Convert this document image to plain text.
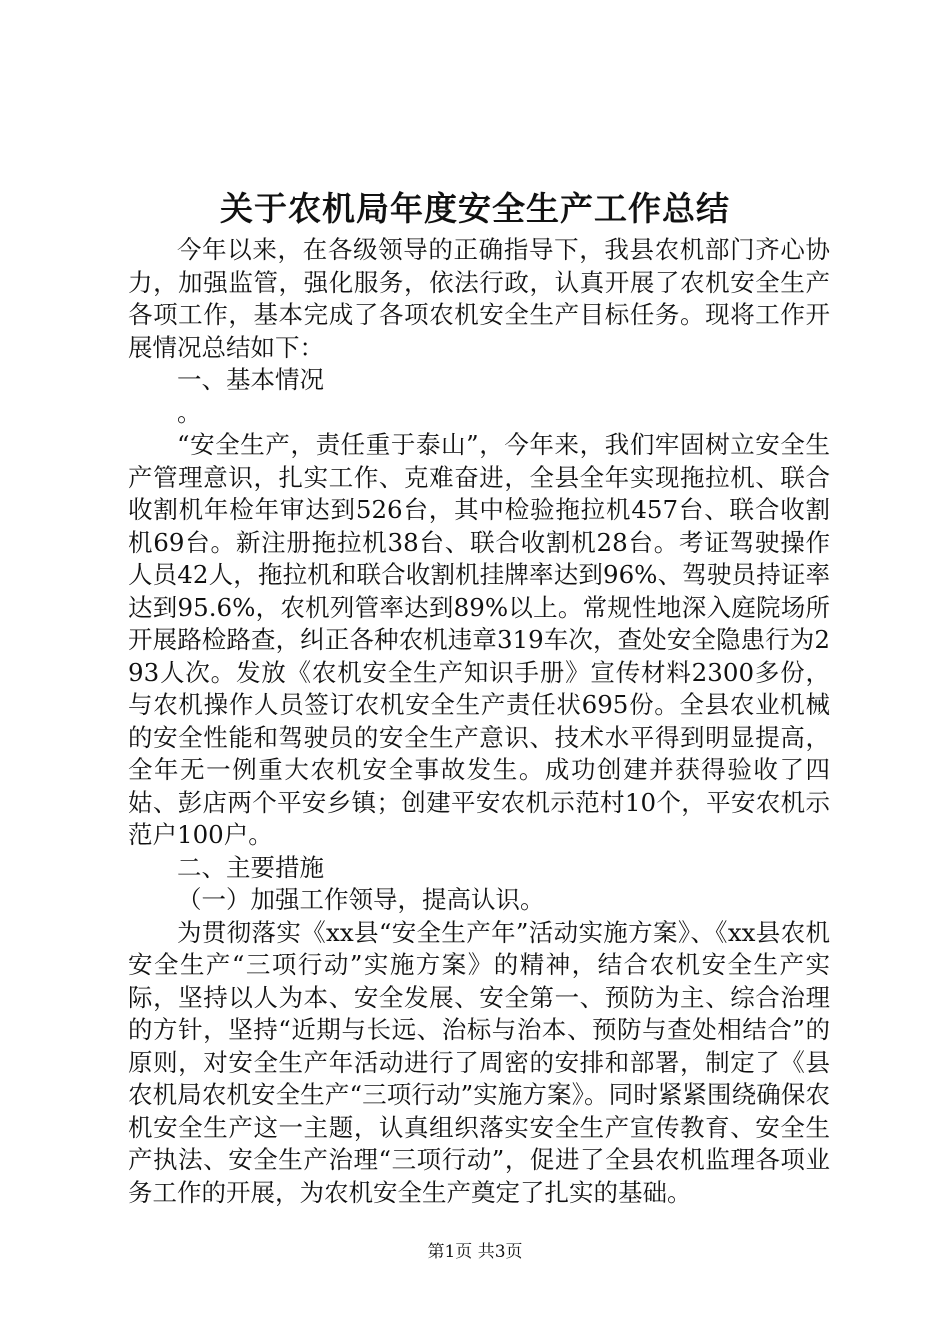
关于农机局年度安全生产工作总结

今年以来，在各级领导的正确指导下，我县农机部门齐心协力，加强监管，强化服务，依法行政，认真开展了农机安全生产各项工作，基本完成了各项农机安全生产目标任务。现将工作开展情况总结如下：

一、基本情况

。

“安全生产，责任重于泰山”，今年来，我们牢固树立安全生产管理意识，扎实工作、克难奋进，全县全年实现拖拉机、联合收割机年检年审达到526台，其中检验拖拉机457台、联合收割机69台。新注册拖拉机38台、联合收割机28台。考证驾驶操作人员42人，拖拉机和联合收割机挂牌率达到96%、驾驶员持证率达到95.6%，农机列管率达到89%以上。常规性地深入庭院场所开展路检路查，纠正各种农机违章319车次，查处安全隐患行为293人次。发放《农机安全生产知识手册》宣传材料2300多份，与农机操作人员签订农机安全生产责任状695份。全县农业机械的安全性能和驾驶员的安全生产意识、技术水平得到明显提高，全年无一例重大农机安全事故发生。成功创建并获得验收了四姑、彭店两个平安乡镇；创建平安农机示范村10个，平安农机示范户100户。

二、主要措施

（一）加强工作领导，提高认识。

为贯彻落实《xx县“安全生产年”活动实施方案》、《xx县农机安全生产“三项行动”实施方案》的精神，结合农机安全生产实际，坚持以人为本、安全发展、安全第一、预防为主、综合治理的方针，坚持“近期与长远、治标与治本、预防与查处相结合”的原则，对安全生产年活动进行了周密的安排和部署，制定了《县农机局农机安全生产“三项行动”实施方案》。同时紧紧围绕确保农机安全生产这一主题，认真组织落实安全生产宣传教育、安全生产执法、安全生产治理“三项行动”，促进了全县农机监理各项业务工作的开展，为农机安全生产奠定了扎实的基础。

第1页 共3页
